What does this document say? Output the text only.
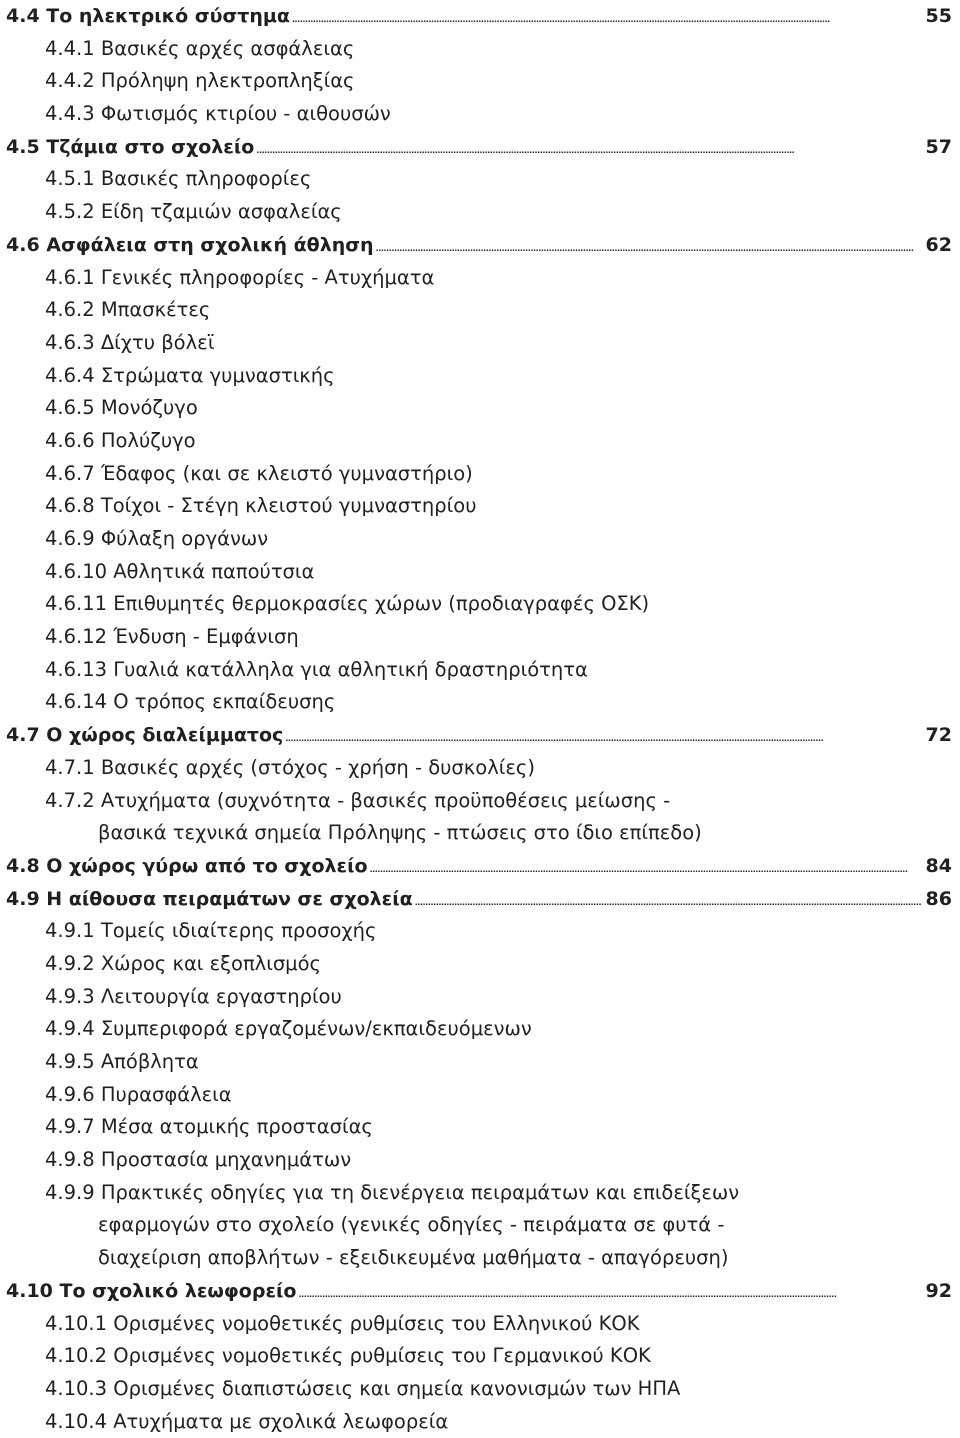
4.4 Το ηλεκτρικό σύστημα . . .	55
4.4.1 Βασικές αρχές ασφάλειας
4.4.2 Πρόληψη ηλεκτροπληξίας
4.4.3 Φωτισμός κτιρίου - αιθουσών
4.5 Τζάμια στο σχολείο . . .	57
4.5.1 Βασικές πληροφορίες
4.5.2 Είδη τζαμιών ασφαλείας
4.6 Ασφάλεια στη σχολική άθληση . . .	62
4.6.1 Γενικές πληροφορίες - Ατυχήματα
4.6.2 Μπασκέτες
4.6.3 Δίχτυ βόλεϊ
4.6.4 Στρώματα γυμναστικής
4.6.5 Μονόζυγο
4.6.6 Πολύζυγο
4.6.7 Έδαφος (και σε κλειστό γυμναστήριο)
4.6.8 Τοίχοι - Στέγη κλειστού γυμναστηρίου
4.6.9 Φύλαξη οργάνων
4.6.10 Αθλητικά παπούτσια
4.6.11 Επιθυμητές θερμοκρασίες χώρων (προδιαγραφές ΟΣΚ)
4.6.12 Ένδυση - Εμφάνιση
4.6.13 Γυαλιά κατάλληλα για αθλητική δραστηριότητα
4.6.14 Ο τρόπος εκπαίδευσης
4.7 Ο χώρος διαλείμματος . . .	72
4.7.1 Βασικές αρχές (στόχος - χρήση - δυσκολίες)
4.7.2 Ατυχήματα (συχνότητα - βασικές προϋποθέσεις μείωσης -
βασικά τεχνικά σημεία Πρόληψης - πτώσεις στο ίδιο επίπεδο)
4.8 Ο χώρος γύρω από το σχολείο . . .	84
4.9 Η αίθουσα πειραμάτων σε σχολεία . . .	86
4.9.1 Τομείς ιδιαίτερης προσοχής
4.9.2 Χώρος και εξοπλισμός
4.9.3 Λειτουργία εργαστηρίου
4.9.4 Συμπεριφορά εργαζομένων/εκπαιδευόμενων
4.9.5 Απόβλητα
4.9.6 Πυρασφάλεια
4.9.7 Μέσα ατομικής προστασίας
4.9.8 Προστασία μηχανημάτων
4.9.9 Πρακτικές οδηγίες για τη διενέργεια πειραμάτων και επιδείξεων
εφαρμογών στο σχολείο (γενικές οδηγίες - πειράματα σε φυτά -
διαχείριση αποβλήτων - εξειδικευμένα μαθήματα - απαγόρευση)
4.10 Το σχολικό λεωφορείο . . .	92
4.10.1 Ορισμένες νομοθετικές ρυθμίσεις του Ελληνικού ΚΟΚ
4.10.2 Ορισμένες νομοθετικές ρυθμίσεις του Γερμανικού ΚΟΚ
4.10.3 Ορισμένες διαπιστώσεις και σημεία κανονισμών των ΗΠΑ
4.10.4 Ατυχήματα με σχολικά λεωφορεία
